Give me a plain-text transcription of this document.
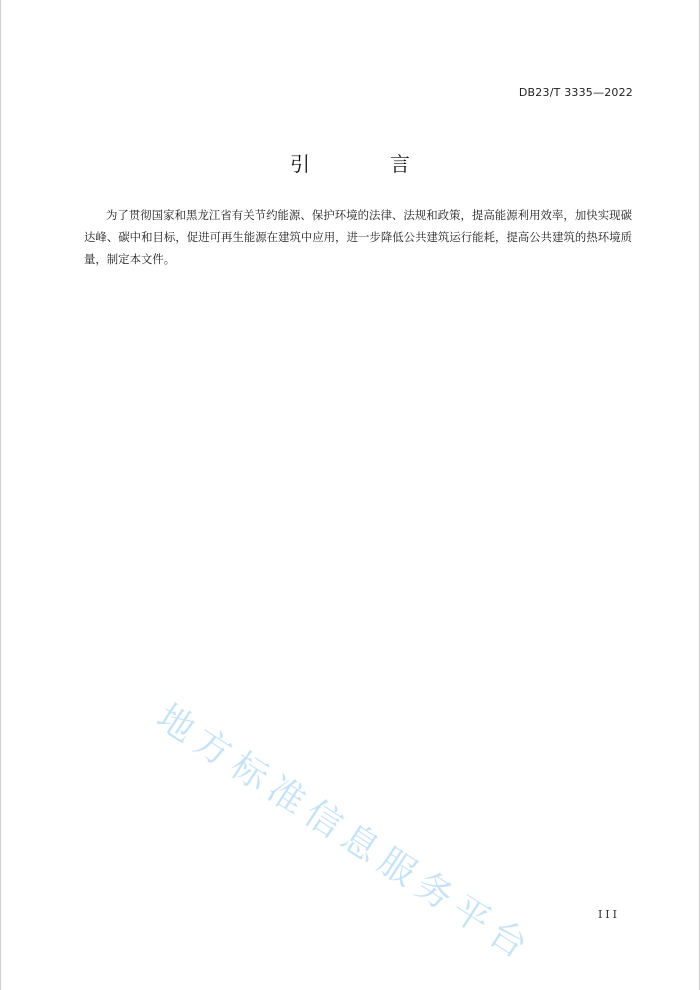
DB23/T 3335—2022
引　言
为了贯彻国家和黑龙江省有关节约能源、保护环境的法律、法规和政策，提高能源利用效率，加快实现碳达峰、碳中和目标，促进可再生能源在建筑中应用，进一步降低公共建筑运行能耗，提高公共建筑的热环境质量，制定本文件。
地方标准信息服务平台	III
